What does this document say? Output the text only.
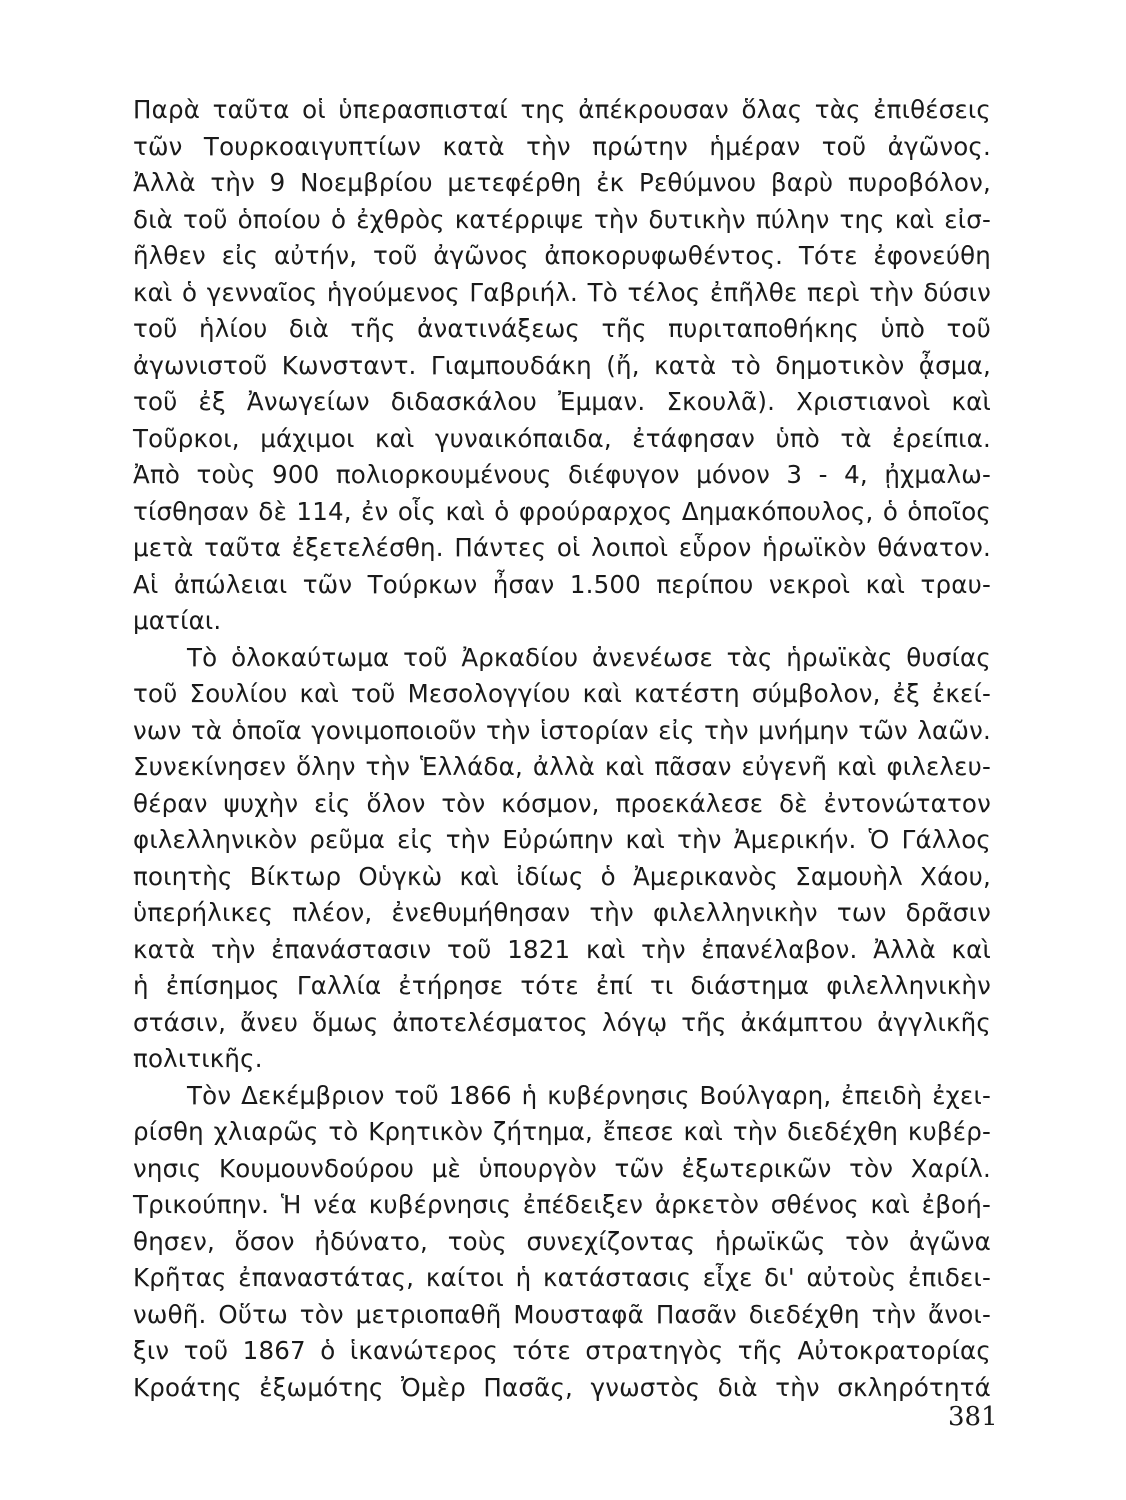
Παρὰ ταῦτα οἱ ὑπερασπισταί της ἀπέκρουσαν ὅλας τὰς ἐπιθέσεις
τῶν Τουρκοαιγυπτίων κατὰ τὴν πρώτην ἡμέραν τοῦ ἀγῶνος.
Ἀλλὰ τὴν 9 Νοεμβρίου μετεφέρθη ἐκ Ρεθύμνου βαρὺ πυροβόλον,
διὰ τοῦ ὁποίου ὁ ἐχθρὸς κατέρριψε τὴν δυτικὴν πύλην της καὶ εἰσ-
ῆλθεν εἰς αὐτήν, τοῦ ἀγῶνος ἀποκορυφωθέντος. Τότε ἐφονεύθη
καὶ ὁ γενναῖος ἡγούμενος Γαβριήλ. Τὸ τέλος ἐπῆλθε περὶ τὴν δύσιν
τοῦ ἡλίου διὰ τῆς ἀνατινάξεως τῆς πυριταποθήκης ὑπὸ τοῦ
ἀγωνιστοῦ Κωνσταντ. Γιαμπουδάκη (ἤ, κατὰ τὸ δημοτικὸν ᾆσμα,
τοῦ ἐξ Ἀνωγείων διδασκάλου Ἐμμαν. Σκουλᾶ). Χριστιανοὶ καὶ
Τοῦρκοι, μάχιμοι καὶ γυναικόπαιδα, ἐτάφησαν ὑπὸ τὰ ἐρείπια.
Ἀπὸ τοὺς 900 πολιορκουμένους διέφυγον μόνον 3 - 4, ᾐχμαλω-
τίσθησαν δὲ 114, ἐν οἷς καὶ ὁ φρούραρχος Δημακόπουλος, ὁ ὁποῖος
μετὰ ταῦτα ἐξετελέσθη. Πάντες οἱ λοιποὶ εὗρον ἡρωϊκὸν θάνατον.
Αἱ ἀπώλειαι τῶν Τούρκων ἦσαν 1.500 περίπου νεκροὶ καὶ τραυ-
ματίαι.
Τὸ ὁλοκαύτωμα τοῦ Ἀρκαδίου ἀνενέωσε τὰς ἡρωϊκὰς θυσίας
τοῦ Σουλίου καὶ τοῦ Μεσολογγίου καὶ κατέστη σύμβολον, ἐξ ἐκεί-
νων τὰ ὁποῖα γονιμοποιοῦν τὴν ἱστορίαν εἰς τὴν μνήμην τῶν λαῶν.
Συνεκίνησεν ὅλην τὴν Ἑλλάδα, ἀλλὰ καὶ πᾶσαν εὐγενῆ καὶ φιλελευ-
θέραν ψυχὴν εἰς ὅλον τὸν κόσμον, προεκάλεσε δὲ ἐντονώτατον
φιλελληνικὸν ρεῦμα εἰς τὴν Εὐρώπην καὶ τὴν Ἀμερικήν. Ὁ Γάλλος
ποιητὴς Βίκτωρ Οὑγκὼ καὶ ἰδίως ὁ Ἀμερικανὸς Σαμουὴλ Χάου,
ὑπερήλικες πλέον, ἐνεθυμήθησαν τὴν φιλελληνικὴν των δρᾶσιν
κατὰ τὴν ἐπανάστασιν τοῦ 1821 καὶ τὴν ἐπανέλαβον. Ἀλλὰ καὶ
ἡ ἐπίσημος Γαλλία ἐτήρησε τότε ἐπί τι διάστημα φιλελληνικὴν
στάσιν, ἄνευ ὅμως ἀποτελέσματος λόγῳ τῆς ἀκάμπτου ἀγγλικῆς
πολιτικῆς.
Τὸν Δεκέμβριον τοῦ 1866 ἡ κυβέρνησις Βούλγαρη, ἐπειδὴ ἐχει-
ρίσθη χλιαρῶς τὸ Κρητικὸν ζήτημα, ἔπεσε καὶ τὴν διεδέχθη κυβέρ-
νησις Κουμουνδούρου μὲ ὑπουργὸν τῶν ἐξωτερικῶν τὸν Χαρίλ.
Τρικούπην. Ἡ νέα κυβέρνησις ἐπέδειξεν ἀρκετὸν σθένος καὶ ἐβοή-
θησεν, ὅσον ἠδύνατο, τοὺς συνεχίζοντας ἡρωϊκῶς τὸν ἀγῶνα
Κρῆτας ἐπαναστάτας, καίτοι ἡ κατάστασις εἶχε δι' αὐτοὺς ἐπιδει-
νωθῆ. Οὕτω τὸν μετριοπαθῆ Μουσταφᾶ Πασᾶν διεδέχθη τὴν ἄνοι-
ξιν τοῦ 1867 ὁ ἱκανώτερος τότε στρατηγὸς τῆς Αὐτοκρατορίας
Κροάτης ἐξωμότης Ὀμὲρ Πασᾶς, γνωστὸς διὰ τὴν σκληρότητά
381
